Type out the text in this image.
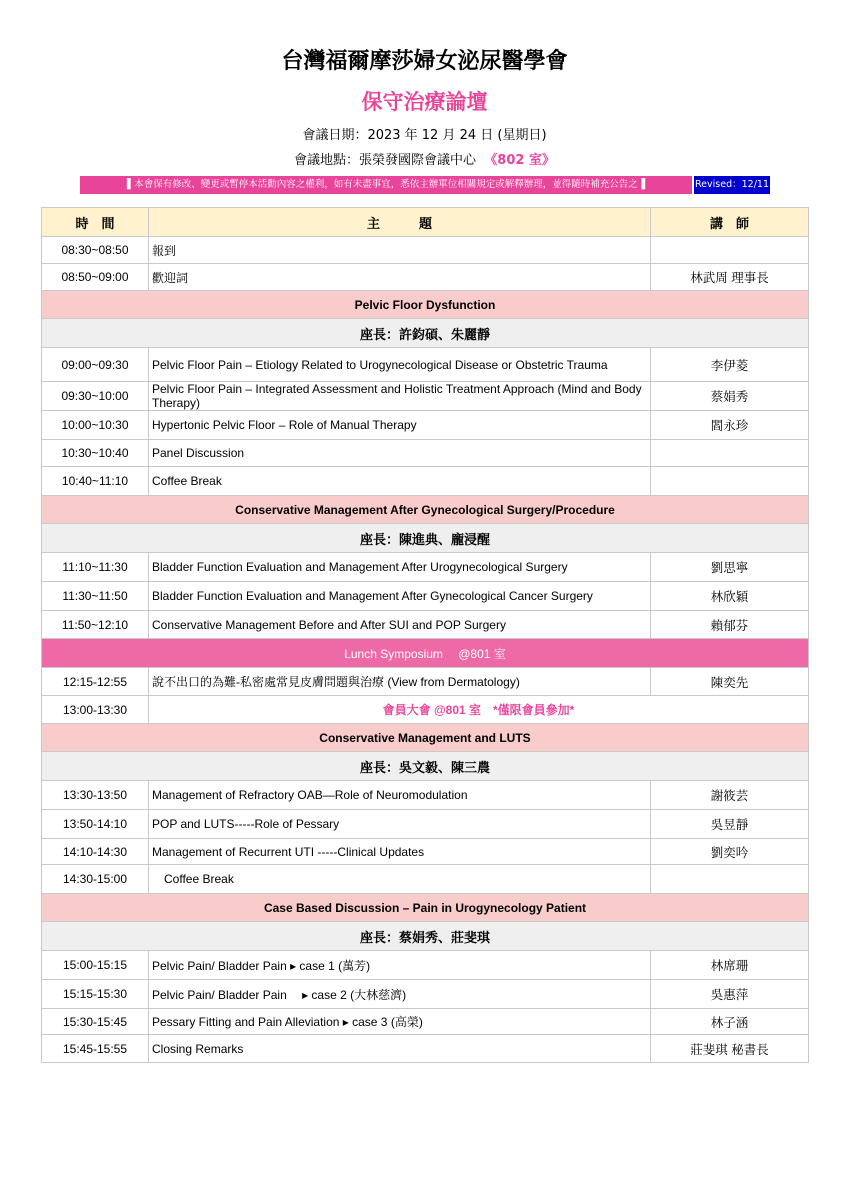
台灣福爾摩莎婦女泌尿醫學會
保守治療論壇
會議日期：2023 年 12 月 24 日 (星期日)
會議地點：張榮發國際會議中心 《802 室》
▌本會保有修改、變更或暫停本活動內容之權利，如有未盡事宜，悉依主辦單位相關規定或解釋辦理，並得隨時補充公告之▐	Revised：12/11
時　間	主　　　題	講　師
08:30~08:50	報到	
08:50~09:00	歡迎詞	林武周 理事長
Pelvic Floor Dysfunction		
座長：許鈞碩、朱麗靜		
09:00~09:30	Pelvic Floor Pain – Etiology Related to Urogynecological Disease or Obstetric Trauma	李伊菱
09:30~10:00	Pelvic Floor Pain – Integrated Assessment and Holistic Treatment Approach (Mind and Body Therapy)	蔡娟秀
10:00~10:30	Hypertonic Pelvic Floor – Role of Manual Therapy	閻永珍
10:30~10:40	Panel Discussion	
10:40~11:10	Coffee Break	
Conservative Management After Gynecological Surgery/Procedure		
座長：陳進典、龐浸醒		
11:10~11:30	Bladder Function Evaluation and Management After Urogynecological Surgery	劉思寧
11:30~11:50	Bladder Function Evaluation and Management After Gynecological Cancer Surgery	林欣穎
11:50~12:10	Conservative Management Before and After SUI and POP Surgery	賴郁芬
Lunch Symposium　 @801 室		
12:15-12:55	說不出口的為難-私密處常見皮膚問題與治療 (View from Dermatology)	陳奕先
13:00-13:30	會員大會 @801 室　*僅限會員參加*	
Conservative Management and LUTS		
座長：吳文毅、陳三農		
13:30-13:50	Management of Refractory OAB—Role of Neuromodulation	謝筱芸
13:50-14:10	POP and LUTS-----Role of Pessary	吳昱靜
14:10-14:30	Management of Recurrent UTI -----Clinical Updates	劉奕吟
14:30-15:00	Coffee Break	
Case Based Discussion – Pain in Urogynecology Patient		
座長：蔡娟秀、莊斐琪		
15:00-15:15	Pelvic Pain/ Bladder Pain ▸ case 1 (萬芳)	林席珊
15:15-15:30	Pelvic Pain/ Bladder Pain　 ▸ case 2 (大林慈濟)	吳惠萍
15:30-15:45	Pessary Fitting and Pain Alleviation ▸ case 3 (高榮)	林子涵
15:45-15:55	Closing Remarks	莊斐琪 秘書長
